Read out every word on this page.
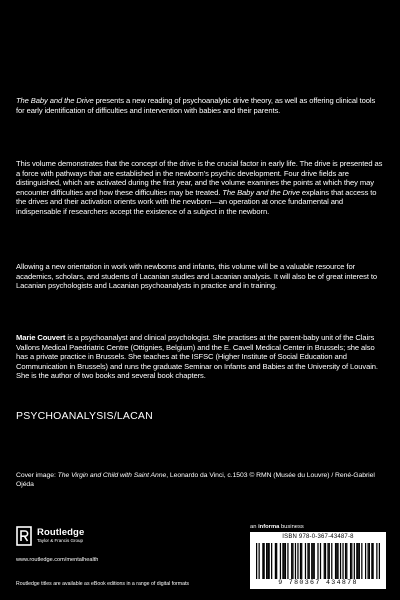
The Baby and the Drive presents a new reading of psychoanalytic drive theory, as well as offering clinical tools for early identification of difficulties and intervention with babies and their parents.

This volume demonstrates that the concept of the drive is the crucial factor in early life. The drive is presented as a force with pathways that are established in the newborn’s psychic development. Four drive fields are distinguished, which are activated during the first year, and the volume examines the points at which they may encounter difficulties and how these difficulties may be treated. The Baby and the Drive explains that access to the drives and their activation orients work with the newborn—an operation at once fundamental and indispensable if researchers accept the existence of a subject in the newborn.

Allowing a new orientation in work with newborns and infants, this volume will be a valuable resource for academics, scholars, and students of Lacanian studies and Lacanian analysis. It will also be of great interest to Lacanian psychologists and Lacanian psychoanalysts in practice and in training.

Marie Couvert is a psychoanalyst and clinical psychologist. She practises at the parent-baby unit of the Clairs Vallons Medical Paedriatric Centre (Ottignies, Belgium) and the E. Cavell Medical Center in Brussels; she also has a private practice in Brussels. She teaches at the ISFSC (Higher Institute of Social Education and Communication in Brussels) and runs the graduate Seminar on Infants and Babies at the University of Louvain. She is the author of two books and several book chapters.

PSYCHOANALYSIS/LACAN
Cover image: The Virgin and Child with Saint Anne, Leonardo da Vinci, c.1503 © RMN (Musée du Louvre) / René-Gabriel Ojéda
Routledge
Taylor & Francis Group
www.routledge.com/mentalhealth
Routledge titles are available as eBook editions in a range of digital formats
an informa business
ISBN 978-0-367-43487-8
9 780367 434878
